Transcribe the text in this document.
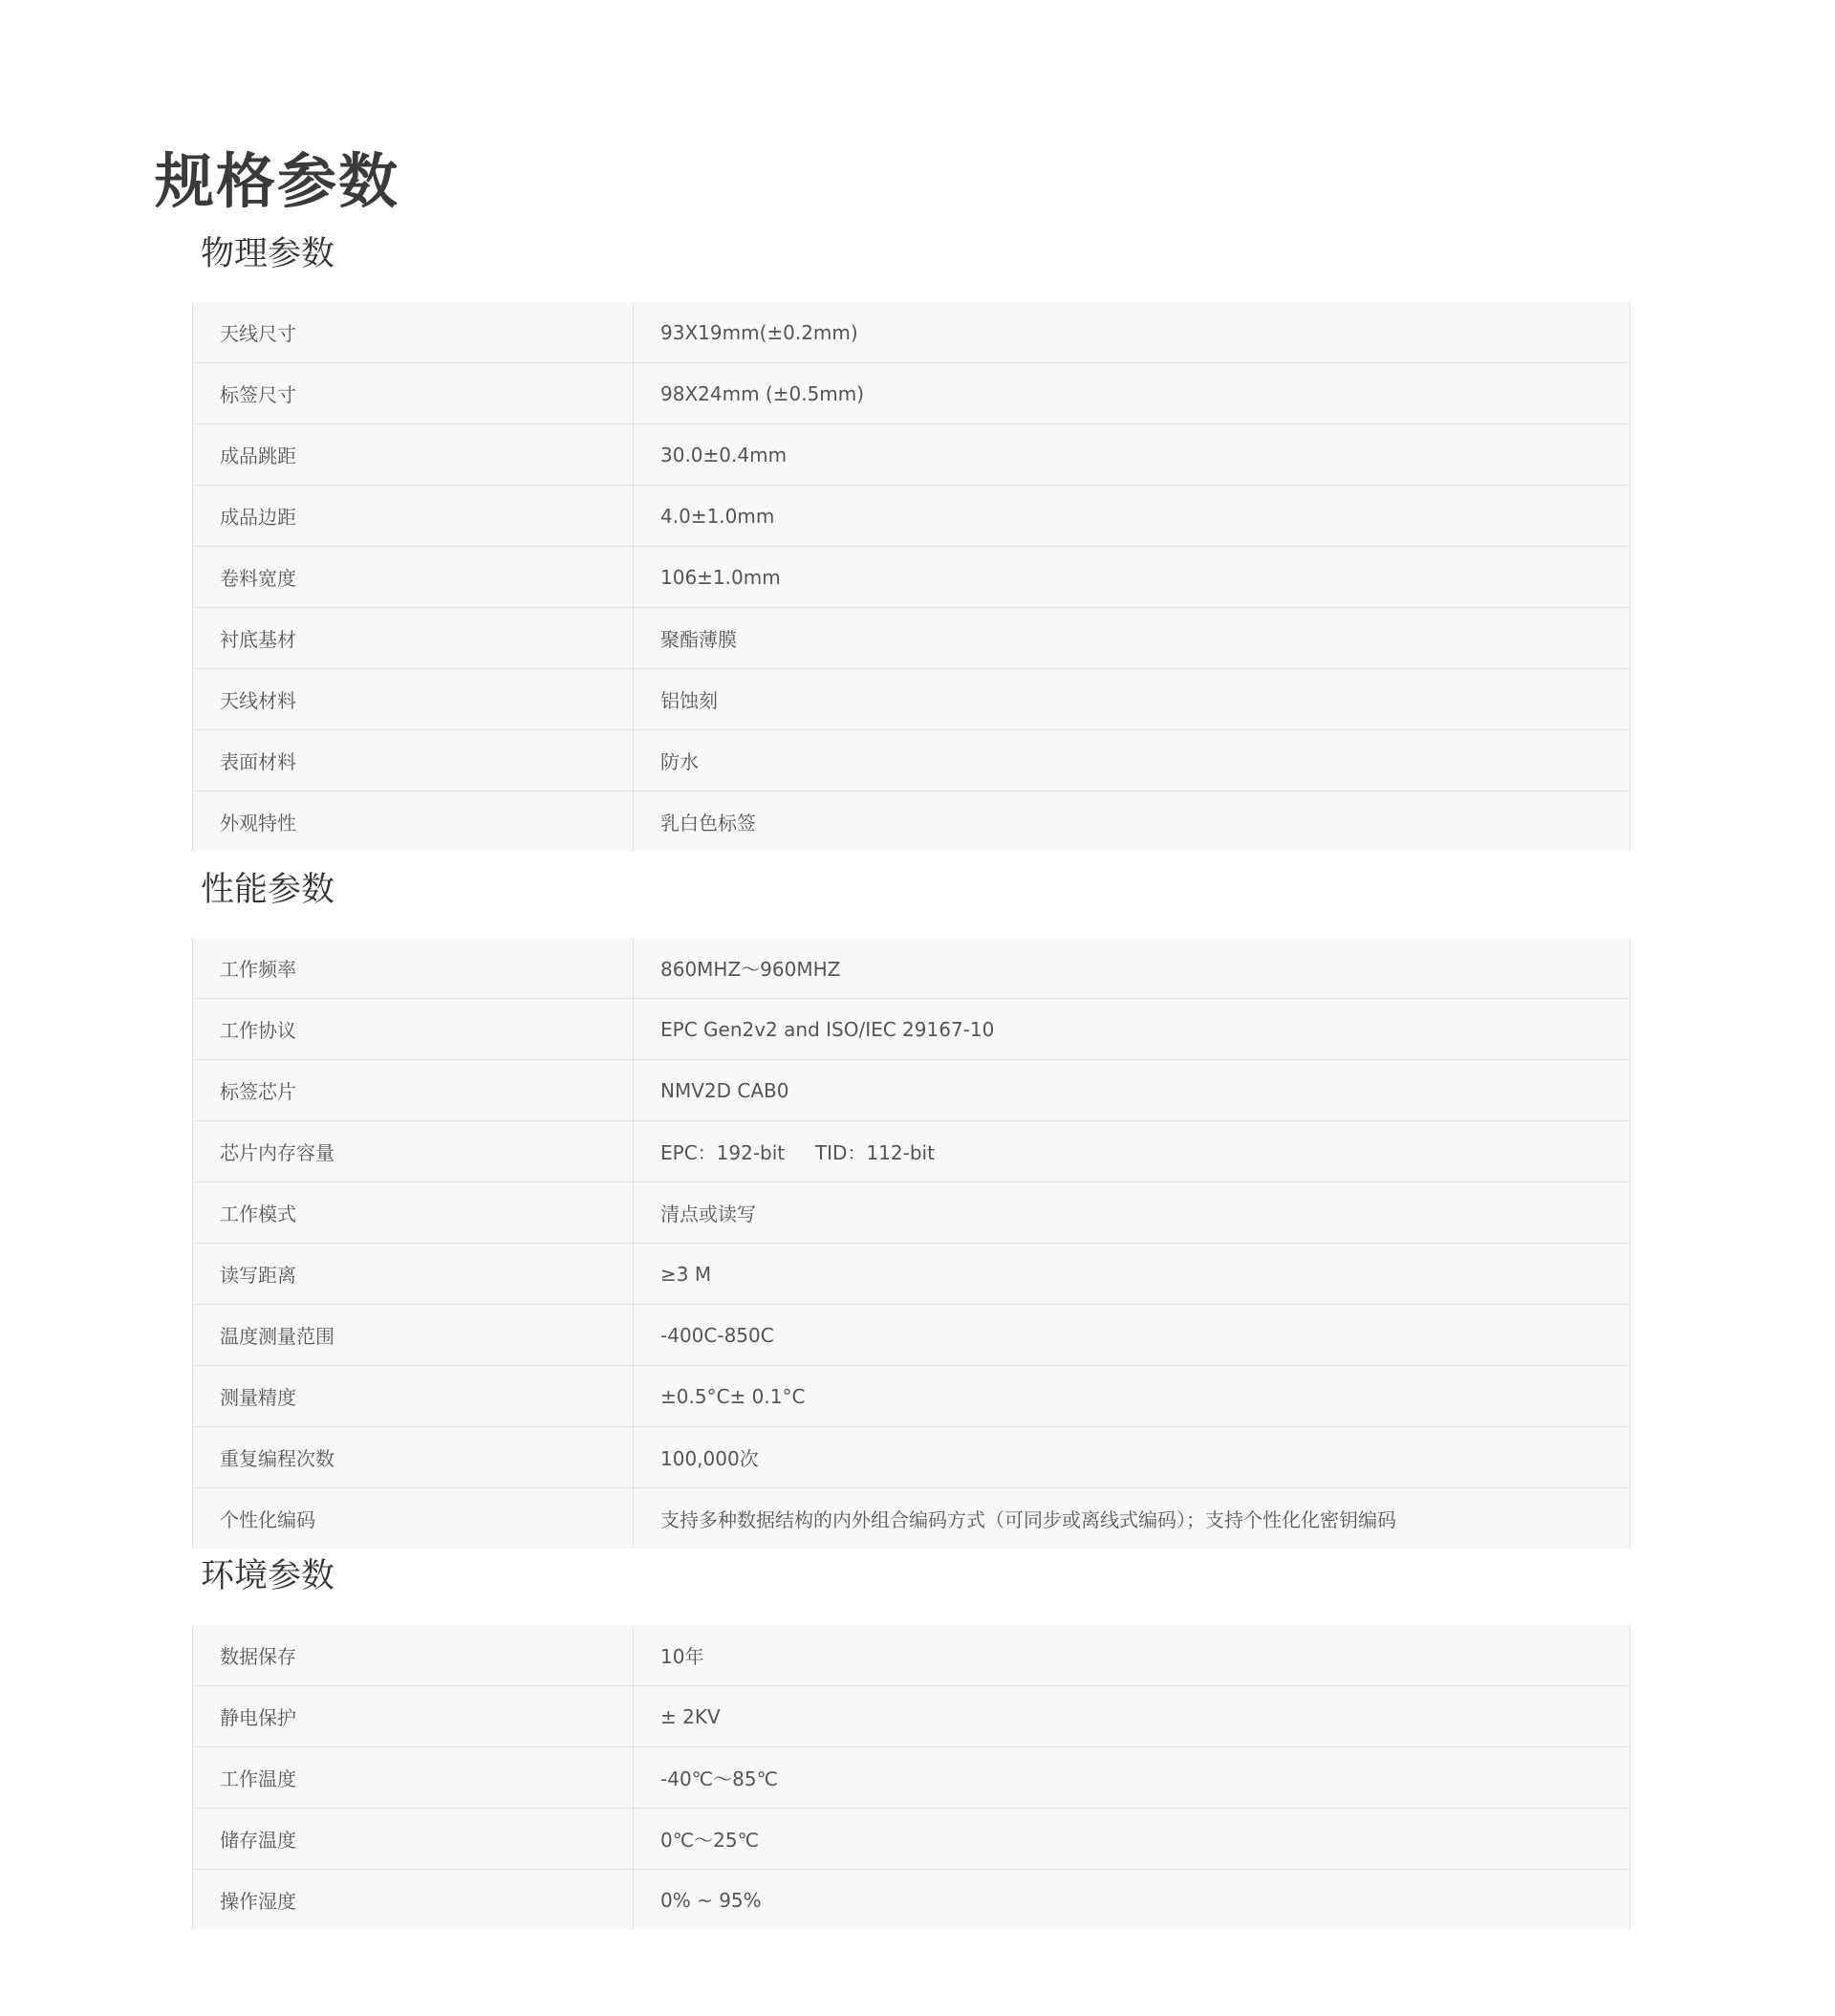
规格参数
物理参数
天线尺寸	93X19mm(±0.2mm)
标签尺寸	98X24mm (±0.5mm)
成品跳距	30.0±0.4mm
成品边距	4.0±1.0mm
卷料宽度	106±1.0mm
衬底基材	聚酯薄膜
天线材料	铝蚀刻
表面材料	防水
外观特性	乳白色标签
性能参数
工作频率	860MHZ～960MHZ
工作协议	EPC Gen2v2 and ISO/IEC 29167-10
标签芯片	NMV2D CAB0
芯片内存容量	EPC：192-bit     TID：112-bit
工作模式	清点或读写
读写距离	≥3 M
温度测量范围	-400C-850C
测量精度	±0.5°C± 0.1°C
重复编程次数	100,000次
个性化编码	支持多种数据结构的内外组合编码方式（可同步或离线式编码）；支持个性化化密钥编码
环境参数
数据保存	10年
静电保护	± 2KV
工作温度	-40℃～85℃
储存温度	0℃～25℃
操作湿度	0% ~ 95%
